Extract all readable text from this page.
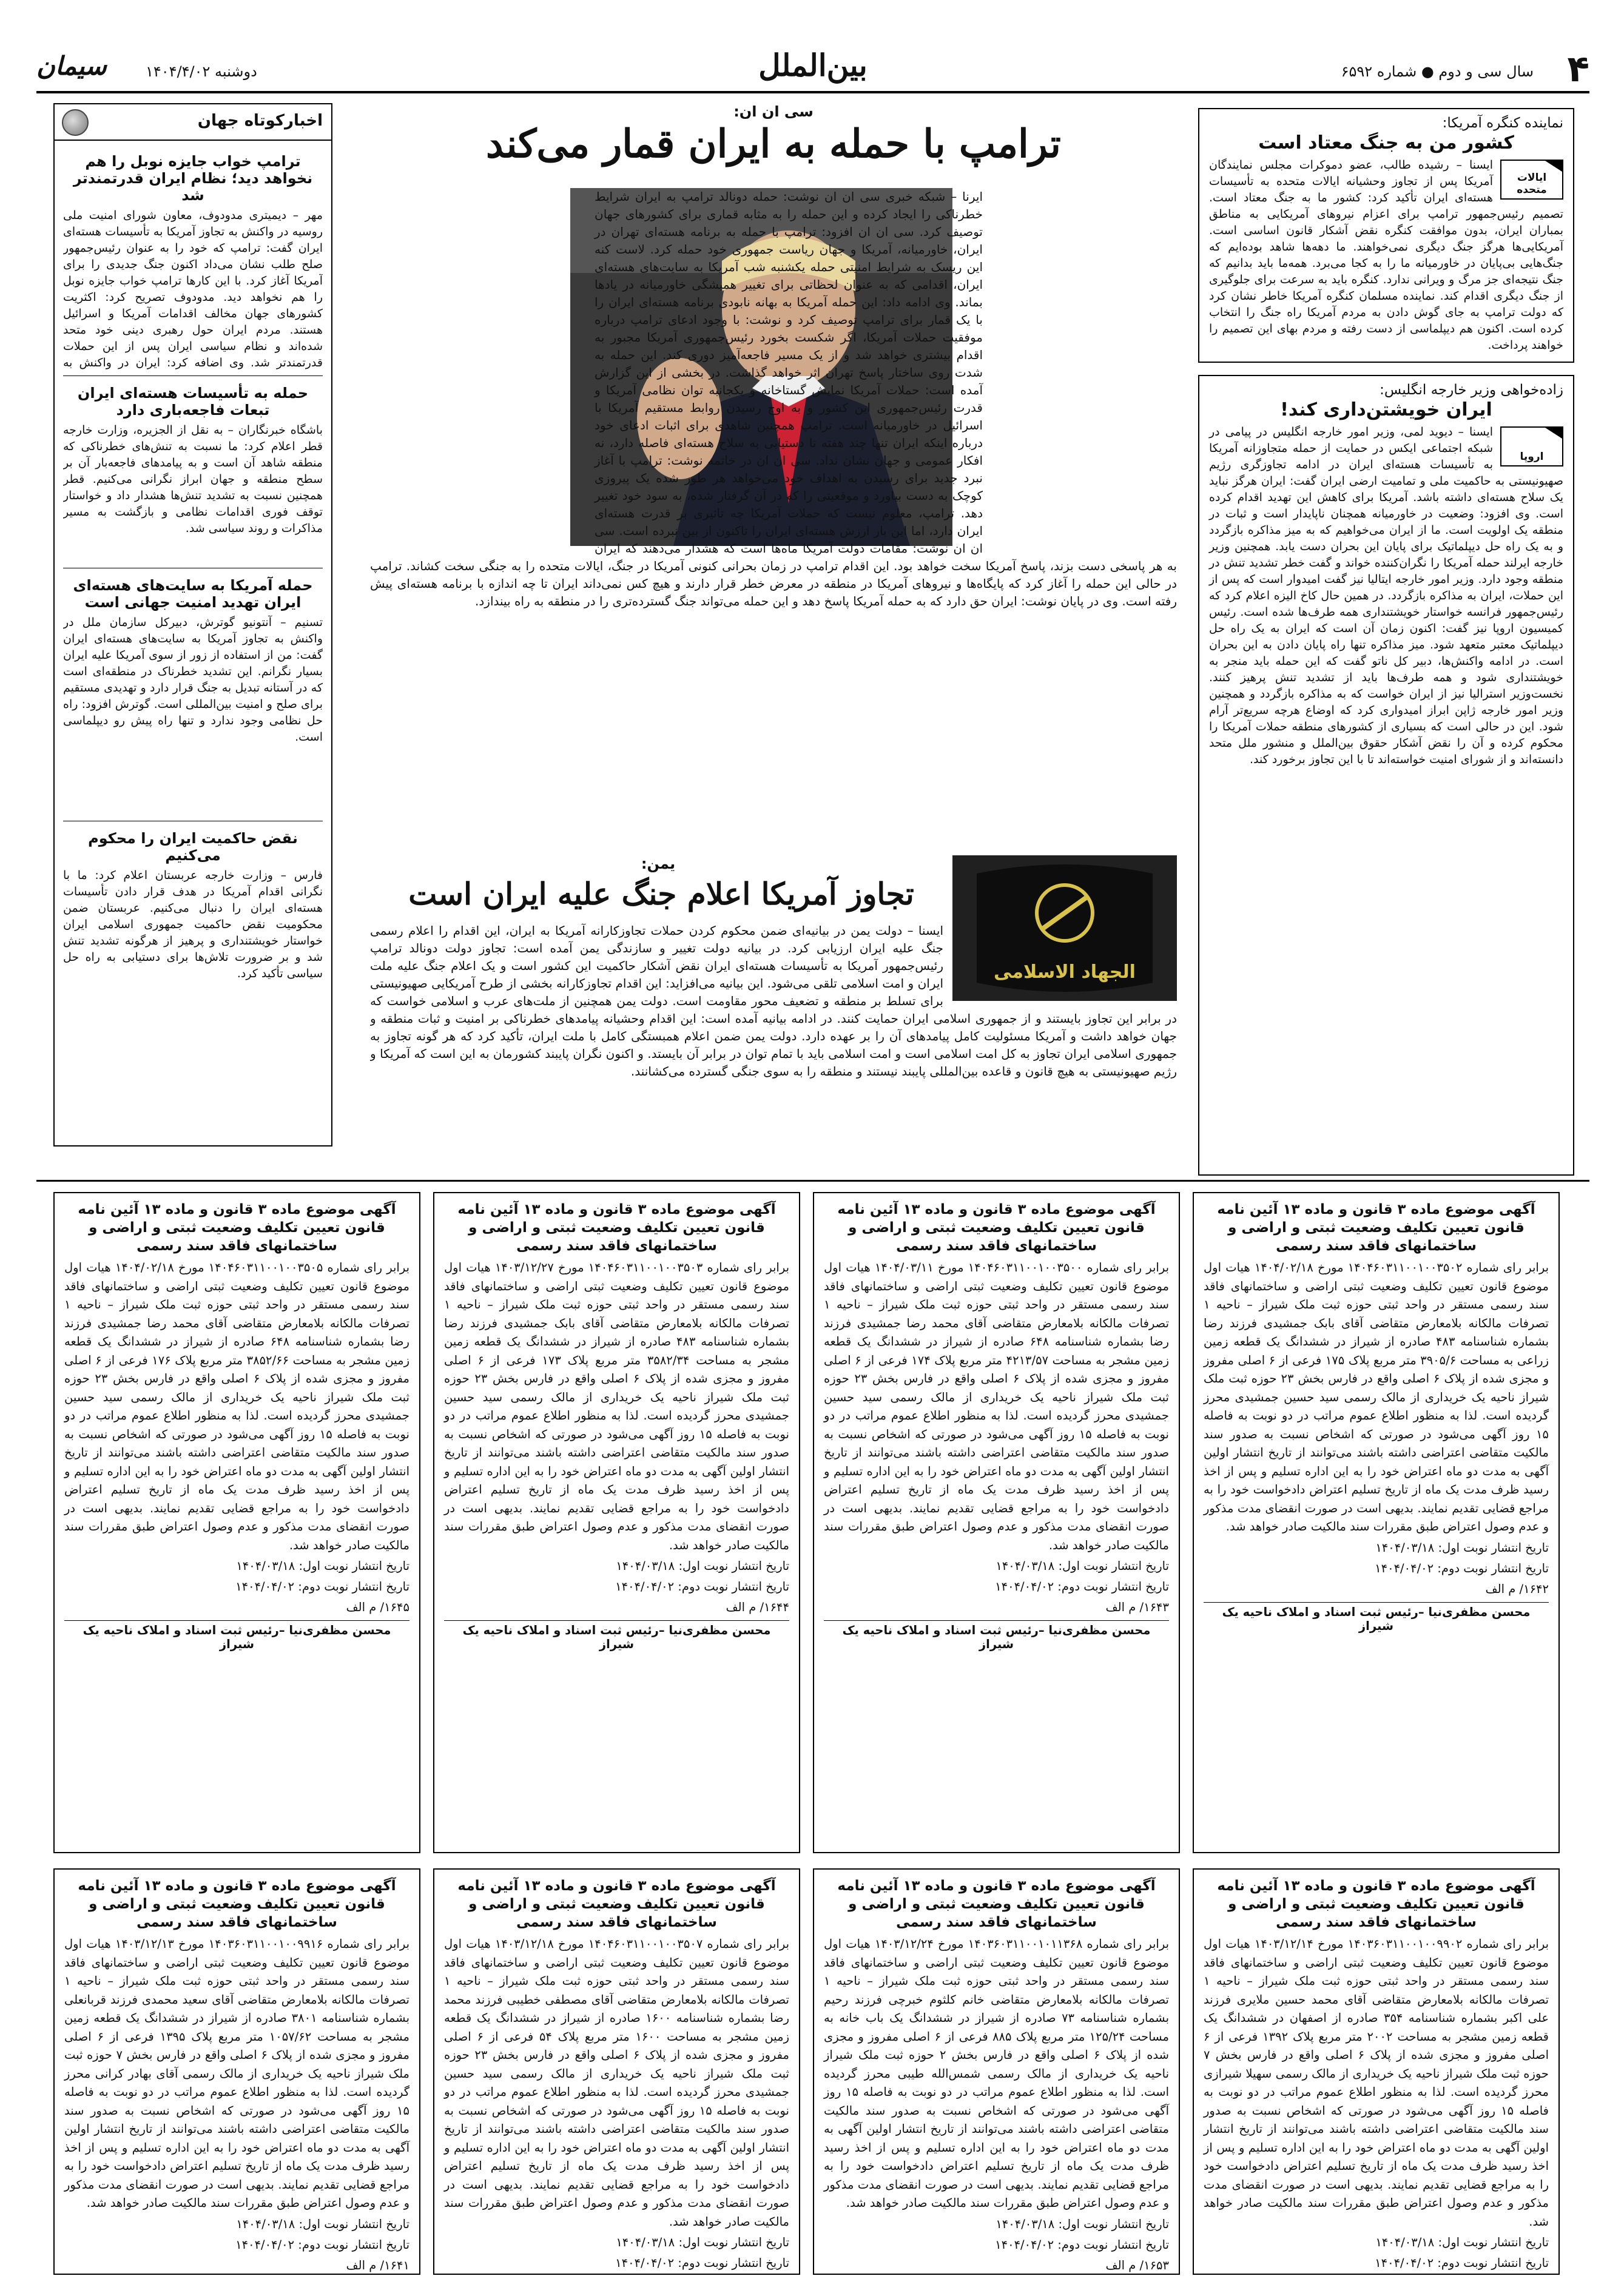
۴
سال سی و دوم ● شماره ۶۵۹۲
بین‌الملل
دوشنبه ۱۴۰۴/۴/۰۲
سیمان
اخبارکوتاه جهان
ترامپ خواب جایزه نوبل را هم نخواهد دید؛ نظام ایران قدرتمندتر شد

مهر – دیمیتری مدودوف، معاون شورای امنیت ملی روسیه در واکنش به تجاوز آمریکا به تأسیسات هسته‌ای ایران گفت: ترامپ که خود را به عنوان رئیس‌جمهور صلح طلب نشان می‌داد اکنون جنگ جدیدی را برای آمریکا آغاز کرد. با این کارها ترامپ خواب جایزه نوبل را هم نخواهد دید. مدودوف تصریح کرد: اکثریت کشورهای جهان مخالف اقدامات آمریکا و اسرائیل هستند. مردم ایران حول رهبری دینی خود متحد شده‌اند و نظام سیاسی ایران پس از این حملات قدرتمندتر شد. وی اضافه کرد: ایران در واکنش به

حمله به تأسیسات هسته‌ای ایران تبعات فاجعه‌باری دارد

باشگاه خبرنگاران – به نقل از الجزیره، وزارت خارجه قطر اعلام کرد: ما نسبت به تنش‌های خطرناکی که منطقه شاهد آن است و به پیامدهای فاجعه‌بار آن بر سطح منطقه و جهان ابراز نگرانی می‌کنیم. قطر همچنین نسبت به تشدید تنش‌ها هشدار داد و خواستار توقف فوری اقدامات نظامی و بازگشت به مسیر مذاکرات و روند سیاسی شد.

حمله آمریکا به سایت‌های هسته‌ای ایران تهدید امنیت جهانی است

تسنیم – آنتونیو گوترش، دبیرکل سازمان ملل در واکنش به تجاوز آمریکا به سایت‌های هسته‌ای ایران گفت: من از استفاده از زور از سوی آمریکا علیه ایران بسیار نگرانم. این تشدید خطرناک در منطقه‌ای است که در آستانه تبدیل به جنگ قرار دارد و تهدیدی مستقیم برای صلح و امنیت بین‌المللی است. گوترش افزود: راه حل نظامی وجود ندارد و تنها راه پیش رو دیپلماسی است.

نقض حاکمیت ایران را محکوم می‌کنیم

فارس – وزارت خارجه عربستان اعلام کرد: ما با نگرانی اقدام آمریکا در هدف قرار دادن تأسیسات هسته‌ای ایران را دنبال می‌کنیم. عربستان ضمن محکومیت نقض حاکمیت جمهوری اسلامی ایران خواستار خویشتنداری و پرهیز از هرگونه تشدید تنش شد و بر ضرورت تلاش‌ها برای دستیابی به راه حل سیاسی تأکید کرد.

سی ان ان:
ترامپ با حمله به ایران قمار می‌کند

ایرنا – شبکه خبری سی ان ان نوشت: حمله دونالد ترامپ به ایران شرایط خطرناکی را ایجاد کرده و این حمله را به مثابه قماری برای کشورهای جهان توصیف کرد. سی ان ان افزود: ترامپ با حمله به برنامه هسته‌ای تهران در ایران، خاورمیانه، آمریکا و جهان ریاست جمهوری خود حمله کرد. لاست کنه این ریسک به شرایط امنیتی حمله یکشنبه شب آمریکا به سایت‌های هسته‌ای ایران، اقدامی که به عنوان لحظاتی برای تغییر همیشگی خاورمیانه در یادها بماند. وی ادامه داد: این حمله آمریکا به بهانه نابودی برنامه هسته‌ای ایران را با یک قمار برای ترامپ توصیف کرد و نوشت: با وجود ادعای ترامپ درباره موفقیت حملات آمریکا، اگر شکست بخورد رئیس‌جمهوری آمریکا مجبور به اقدام بیشتری خواهد شد و از یک مسیر فاجعه‌آمیز دوری کند. این حمله به شدت روی ساختار پاسخ تهران اثر خواهد گذاشت. در بخشی از این گزارش آمده است: حملات آمریکا نمایش گستاخانه و یکجانبه توان نظامی آمریکا و قدرت رئیس‌جمهوری این کشور و به اوج رسیدن روابط مستقیم آمریکا با اسرائیل در خاورمیانه است. ترامپ همچنین شاهدی برای اثبات ادعای خود درباره اینکه ایران تنها چند هفته تا دستیابی به سلاح هسته‌ای فاصله دارد، نه افکار عمومی و جهان نشان نداد. سی ان ان در خاتمه نوشت: ترامپ با آغاز نبرد جدید برای رسیدن به اهداف خود می‌خواهد هر طور شده یک پیروزی کوچک به دست بیاورد و موقعیتی را که در آن گرفتار شده، به سود خود تغییر دهد. ترامپ، معلوم نیست که حملات آمریکا چه تاثیری بر قدرت هسته‌ای ایران دارد، اما این بار ارزش هسته‌ای ایران را تاکنون از بین نبرده است. سی ان ان نوشت: مقامات دولت آمریکا ماه‌ها است که هشدار می‌دهند که ایران به هر پاسخی دست بزند، پاسخ آمریکا سخت خواهد بود. این اقدام ترامپ در زمان بحرانی کنونی آمریکا در جنگ، ایالات متحده را به جنگی سخت کشاند. ترامپ در حالی این حمله را آغاز کرد که پایگاه‌ها و نیروهای آمریکا در منطقه در معرض خطر قرار دارند و هیچ کس نمی‌داند ایران تا چه اندازه با برنامه هسته‌ای پیش رفته است. وی در پایان نوشت: ایران حق دارد که به حمله آمریکا پاسخ دهد و این حمله می‌تواند جنگ گسترده‌تری را در منطقه به راه بیندازد.

نماینده کنگره آمریکا:
کشور من به جنگ معتاد است
ایالات متحده

ایسنا – رشیده طالب، عضو دموکرات مجلس نمایندگان آمریکا پس از تجاوز وحشیانه ایالات متحده به تأسیسات هسته‌ای ایران تأکید کرد: کشور ما به جنگ معتاد است. تصمیم رئیس‌جمهور ترامپ برای اعزام نیروهای آمریکایی به مناطق بمباران ایران، بدون موافقت کنگره نقض آشکار قانون اساسی است. آمریکایی‌ها هرگز جنگ دیگری نمی‌خواهند. ما دهه‌ها شاهد بوده‌ایم که جنگ‌هایی بی‌پایان در خاورمیانه ما را به کجا می‌برد. همه‌ما باید بدانیم که جنگ نتیجه‌ای جز مرگ و ویرانی ندارد. کنگره باید به سرعت برای جلوگیری از جنگ دیگری اقدام کند. نماینده مسلمان کنگره آمریکا خاطر نشان کرد که دولت ترامپ به جای گوش دادن به مردم آمریکا راه جنگ را انتخاب کرده است. اکنون هم دیپلماسی از دست رفته و مردم بهای این تصمیم را خواهند پرداخت.

زاده‌خواهی وزیر خارجه انگلیس:
ایران خویشتن‌داری کند!
اروپا

ایسنا – دیوید لمی، وزیر امور خارجه انگلیس در پیامی در شبکه اجتماعی ایکس در حمایت از حمله متجاوزانه آمریکا به تأسیسات هسته‌ای ایران در ادامه تجاوزگری رژیم صهیونیستی به حاکمیت ملی و تمامیت ارضی ایران گفت: ایران هرگز نباید یک سلاح هسته‌ای داشته باشد. آمریکا برای کاهش این تهدید اقدام کرده است. وی افزود: وضعیت در خاورمیانه همچنان ناپایدار است و ثبات در منطقه یک اولویت است. ما از ایران می‌خواهیم که به میز مذاکره بازگردد و به یک راه حل دیپلماتیک برای پایان این بحران دست یابد. همچنین وزیر خارجه ایرلند حمله آمریکا را نگران‌کننده خواند و گفت خطر تشدید تنش در منطقه وجود دارد. وزیر امور خارجه ایتالیا نیز گفت امیدوار است که پس از این حملات، ایران به مذاکره بازگردد. در همین حال کاخ الیزه اعلام کرد که رئیس‌جمهور فرانسه خواستار خویشتنداری همه طرف‌ها شده است. رئیس کمیسیون اروپا نیز گفت: اکنون زمان آن است که ایران به یک راه حل دیپلماتیک معتبر متعهد شود. میز مذاکره تنها راه پایان دادن به این بحران است. در ادامه واکنش‌ها، دبیر کل ناتو گفت که این حمله باید منجر به خویشتنداری شود و همه طرف‌ها باید از تشدید تنش پرهیز کنند. نخست‌وزیر استرالیا نیز از ایران خواست که به مذاکره بازگردد و همچنین وزیر امور خارجه ژاپن ابراز امیدواری کرد که اوضاع هرچه سریع‌تر آرام شود. این در حالی است که بسیاری از کشورهای منطقه حملات آمریکا را محکوم کرده و آن را نقض آشکار حقوق بین‌الملل و منشور ملل متحد دانسته‌اند و از شورای امنیت خواسته‌اند تا با این تجاوز برخورد کند.

یمن:
تجاوز آمریکا اعلام جنگ علیه ایران است
الجهاد الاسلامی

ایسنا – دولت یمن در بیانیه‌ای ضمن محکوم کردن حملات تجاوزکارانه آمریکا به ایران، این اقدام را اعلام رسمی جنگ علیه ایران ارزیابی کرد. در بیانیه دولت تغییر و سازندگی یمن آمده است: تجاوز دولت دونالد ترامپ رئیس‌جمهور آمریکا به تأسیسات هسته‌ای ایران نقض آشکار حاکمیت این کشور است و یک اعلام جنگ علیه ملت ایران و امت اسلامی تلقی می‌شود. این بیانیه می‌افزاید: این اقدام تجاوزکارانه بخشی از طرح آمریکایی صهیونیستی برای تسلط بر منطقه و تضعیف محور مقاومت است. دولت یمن همچنین از ملت‌های عرب و اسلامی خواست که در برابر این تجاوز بایستند و از جمهوری اسلامی ایران حمایت کنند. در ادامه بیانیه آمده است: این اقدام وحشیانه پیامدهای خطرناکی بر امنیت و ثبات منطقه و جهان خواهد داشت و آمریکا مسئولیت کامل پیامدهای آن را بر عهده دارد. دولت یمن ضمن اعلام همبستگی کامل با ملت ایران، تأکید کرد که هر گونه تجاوز به جمهوری اسلامی ایران تجاوز به کل امت اسلامی است و امت اسلامی باید با تمام توان در برابر آن بایستد. و اکنون نگران پایبند کشورمان به این است که آمریکا و رژیم صهیونیستی به هیچ قانون و قاعده بین‌المللی پایبند نیستند و منطقه را به سوی جنگی گسترده می‌کشانند.

آگهی موضوع ماده ۳ قانون و ماده ۱۳ آئین نامه قانون تعیین تکلیف وضعیت ثبتی و اراضی و ساختمانهای فاقد سند رسمی

برابر رای شماره ۱۴۰۴۶۰۳۱۱۰۰۱۰۰۳۵۰۲ مورخ ۱۴۰۴/۰۲/۱۸ هیات اول موضوع قانون تعیین تکلیف وضعیت ثبتی اراضی و ساختمانهای فاقد سند رسمی مستقر در واحد ثبتی حوزه ثبت ملک شیراز – ناحیه ۱ تصرفات مالکانه بلامعارض متقاضی آقای بابک جمشیدی فرزند رضا بشماره شناسنامه ۴۸۳ صادره از شیراز در ششدانگ یک قطعه زمین زراعی به مساحت ۳۹۰۵/۶ متر مربع پلاک ۱۷۵ فرعی از ۶ اصلی مفروز و مجزی شده از پلاک ۶ اصلی واقع در فارس بخش ۲۳ حوزه ثبت ملک شیراز ناحیه یک خریداری از مالک رسمی سید حسین جمشیدی محرز گردیده است. لذا به منظور اطلاع عموم مراتب در دو نوبت به فاصله ۱۵ روز آگهی می‌شود در صورتی که اشخاص نسبت به صدور سند مالکیت متقاضی اعتراضی داشته باشند می‌توانند از تاریخ انتشار اولین آگهی به مدت دو ماه اعتراض خود را به این اداره تسلیم و پس از اخذ رسید ظرف مدت یک ماه از تاریخ تسلیم اعتراض دادخواست خود را به مراجع قضایی تقدیم نمایند. بدیهی است در صورت انقضای مدت مذکور و عدم وصول اعتراض طبق مقررات سند مالکیت صادر خواهد شد.

تاریخ انتشار نوبت اول: ۱۴۰۴/۰۳/۱۸
تاریخ انتشار نوبت دوم: ۱۴۰۴/۰۴/۰۲
۱۶۴۲/ م الف
محسن مظفری‌نیا –رئیس ثبت اسناد و املاک ناحیه یک شیراز
آگهی موضوع ماده ۳ قانون و ماده ۱۳ آئین نامه قانون تعیین تکلیف وضعیت ثبتی و اراضی و ساختمانهای فاقد سند رسمی

برابر رای شماره ۱۴۰۴۶۰۳۱۱۰۰۱۰۰۳۵۰۰ مورخ ۱۴۰۴/۰۳/۱۱ هیات اول موضوع قانون تعیین تکلیف وضعیت ثبتی اراضی و ساختمانهای فاقد سند رسمی مستقر در واحد ثبتی حوزه ثبت ملک شیراز – ناحیه ۱ تصرفات مالکانه بلامعارض متقاضی آقای محمد رضا جمشیدی فرزند رضا بشماره شناسنامه ۶۴۸ صادره از شیراز در ششدانگ یک قطعه زمین مشجر به مساحت ۴۲۱۳/۵۷ متر مربع پلاک ۱۷۴ فرعی از ۶ اصلی مفروز و مجزی شده از پلاک ۶ اصلی واقع در فارس بخش ۲۳ حوزه ثبت ملک شیراز ناحیه یک خریداری از مالک رسمی سید حسین جمشیدی محرز گردیده است. لذا به منظور اطلاع عموم مراتب در دو نوبت به فاصله ۱۵ روز آگهی می‌شود در صورتی که اشخاص نسبت به صدور سند مالکیت متقاضی اعتراضی داشته باشند می‌توانند از تاریخ انتشار اولین آگهی به مدت دو ماه اعتراض خود را به این اداره تسلیم و پس از اخذ رسید ظرف مدت یک ماه از تاریخ تسلیم اعتراض دادخواست خود را به مراجع قضایی تقدیم نمایند. بدیهی است در صورت انقضای مدت مذکور و عدم وصول اعتراض طبق مقررات سند مالکیت صادر خواهد شد.

تاریخ انتشار نوبت اول: ۱۴۰۴/۰۳/۱۸
تاریخ انتشار نوبت دوم: ۱۴۰۴/۰۴/۰۲
۱۶۴۳/ م الف
محسن مظفری‌نیا –رئیس ثبت اسناد و املاک ناحیه یک شیراز
آگهی موضوع ماده ۳ قانون و ماده ۱۳ آئین نامه قانون تعیین تکلیف وضعیت ثبتی و اراضی و ساختمانهای فاقد سند رسمی

برابر رای شماره ۱۴۰۴۶۰۳۱۱۰۰۱۰۰۳۵۰۳ مورخ ۱۴۰۳/۱۲/۲۷ هیات اول موضوع قانون تعیین تکلیف وضعیت ثبتی اراضی و ساختمانهای فاقد سند رسمی مستقر در واحد ثبتی حوزه ثبت ملک شیراز – ناحیه ۱ تصرفات مالکانه بلامعارض متقاضی آقای بابک جمشیدی فرزند رضا بشماره شناسنامه ۴۸۳ صادره از شیراز در ششدانگ یک قطعه زمین مشجر به مساحت ۳۵۸۲/۳۴ متر مربع پلاک ۱۷۳ فرعی از ۶ اصلی مفروز و مجزی شده از پلاک ۶ اصلی واقع در فارس بخش ۲۳ حوزه ثبت ملک شیراز ناحیه یک خریداری از مالک رسمی سید حسین جمشیدی محرز گردیده است. لذا به منظور اطلاع عموم مراتب در دو نوبت به فاصله ۱۵ روز آگهی می‌شود در صورتی که اشخاص نسبت به صدور سند مالکیت متقاضی اعتراضی داشته باشند می‌توانند از تاریخ انتشار اولین آگهی به مدت دو ماه اعتراض خود را به این اداره تسلیم و پس از اخذ رسید ظرف مدت یک ماه از تاریخ تسلیم اعتراض دادخواست خود را به مراجع قضایی تقدیم نمایند. بدیهی است در صورت انقضای مدت مذکور و عدم وصول اعتراض طبق مقررات سند مالکیت صادر خواهد شد.

تاریخ انتشار نوبت اول: ۱۴۰۴/۰۳/۱۸
تاریخ انتشار نوبت دوم: ۱۴۰۴/۰۴/۰۲
۱۶۴۴/ م الف
محسن مظفری‌نیا –رئیس ثبت اسناد و املاک ناحیه یک شیراز
آگهی موضوع ماده ۳ قانون و ماده ۱۳ آئین نامه قانون تعیین تکلیف وضعیت ثبتی و اراضی و ساختمانهای فاقد سند رسمی

برابر رای شماره ۱۴۰۴۶۰۳۱۱۰۰۱۰۰۳۵۰۵ مورخ ۱۴۰۴/۰۲/۱۸ هیات اول موضوع قانون تعیین تکلیف وضعیت ثبتی اراضی و ساختمانهای فاقد سند رسمی مستقر در واحد ثبتی حوزه ثبت ملک شیراز – ناحیه ۱ تصرفات مالکانه بلامعارض متقاضی آقای محمد رضا جمشیدی فرزند رضا بشماره شناسنامه ۶۴۸ صادره از شیراز در ششدانگ یک قطعه زمین مشجر به مساحت ۳۸۵۲/۶۶ متر مربع پلاک ۱۷۶ فرعی از ۶ اصلی مفروز و مجزی شده از پلاک ۶ اصلی واقع در فارس بخش ۲۳ حوزه ثبت ملک شیراز ناحیه یک خریداری از مالک رسمی سید حسین جمشیدی محرز گردیده است. لذا به منظور اطلاع عموم مراتب در دو نوبت به فاصله ۱۵ روز آگهی می‌شود در صورتی که اشخاص نسبت به صدور سند مالکیت متقاضی اعتراضی داشته باشند می‌توانند از تاریخ انتشار اولین آگهی به مدت دو ماه اعتراض خود را به این اداره تسلیم و پس از اخذ رسید ظرف مدت یک ماه از تاریخ تسلیم اعتراض دادخواست خود را به مراجع قضایی تقدیم نمایند. بدیهی است در صورت انقضای مدت مذکور و عدم وصول اعتراض طبق مقررات سند مالکیت صادر خواهد شد.

تاریخ انتشار نوبت اول: ۱۴۰۴/۰۳/۱۸
تاریخ انتشار نوبت دوم: ۱۴۰۴/۰۴/۰۲
۱۶۴۵/ م الف
محسن مظفری‌نیا –رئیس ثبت اسناد و املاک ناحیه یک شیراز
آگهی موضوع ماده ۳ قانون و ماده ۱۳ آئین نامه قانون تعیین تکلیف وضعیت ثبتی و اراضی و ساختمانهای فاقد سند رسمی

برابر رای شماره ۱۴۰۳۶۰۳۱۱۰۰۱۰۰۹۹۰۲ مورخ ۱۴۰۳/۱۲/۱۴ هیات اول موضوع قانون تعیین تکلیف وضعیت ثبتی اراضی و ساختمانهای فاقد سند رسمی مستقر در واحد ثبتی حوزه ثبت ملک شیراز – ناحیه ۱ تصرفات مالکانه بلامعارض متقاضی آقای محمد حسین ملایری فرزند علی اکبر بشماره شناسنامه ۳۵۴ صادره از اصفهان در ششدانگ یک قطعه زمین مشجر به مساحت ۲۰۰۲ متر مربع پلاک ۱۳۹۲ فرعی از ۶ اصلی مفروز و مجزی شده از پلاک ۶ اصلی واقع در فارس بخش ۷ حوزه ثبت ملک شیراز ناحیه یک خریداری از مالک رسمی سهیلا شیرازی محرز گردیده است. لذا به منظور اطلاع عموم مراتب در دو نوبت به فاصله ۱۵ روز آگهی می‌شود در صورتی که اشخاص نسبت به صدور سند مالکیت متقاضی اعتراضی داشته باشند می‌توانند از تاریخ انتشار اولین آگهی به مدت دو ماه اعتراض خود را به این اداره تسلیم و پس از اخذ رسید ظرف مدت یک ماه از تاریخ تسلیم اعتراض دادخواست خود را به مراجع قضایی تقدیم نمایند. بدیهی است در صورت انقضای مدت مذکور و عدم وصول اعتراض طبق مقررات سند مالکیت صادر خواهد شد.

تاریخ انتشار نوبت اول: ۱۴۰۴/۰۳/۱۸
تاریخ انتشار نوبت دوم: ۱۴۰۴/۰۴/۰۲
آگهی موضوع ماده ۳ قانون و ماده ۱۳ آئین نامه قانون تعیین تکلیف وضعیت ثبتی و اراضی و ساختمانهای فاقد سند رسمی

برابر رای شماره ۱۴۰۳۶۰۳۱۱۰۰۱۰۱۱۳۶۸ مورخ ۱۴۰۳/۱۲/۲۴ هیات اول موضوع قانون تعیین تکلیف وضعیت ثبتی اراضی و ساختمانهای فاقد سند رسمی مستقر در واحد ثبتی حوزه ثبت ملک شیراز – ناحیه ۱ تصرفات مالکانه بلامعارض متقاضی خانم کلثوم خبرچی فرزند رحیم بشماره شناسنامه ۷۳ صادره از شیراز در ششدانگ یک باب خانه به مساحت ۱۲۵/۲۴ متر مربع پلاک ۸۸۵ فرعی از ۶ اصلی مفروز و مجزی شده از پلاک ۶ اصلی واقع در فارس بخش ۲ حوزه ثبت ملک شیراز ناحیه یک خریداری از مالک رسمی شمس‌الله طیبی محرز گردیده است. لذا به منظور اطلاع عموم مراتب در دو نوبت به فاصله ۱۵ روز آگهی می‌شود در صورتی که اشخاص نسبت به صدور سند مالکیت متقاضی اعتراضی داشته باشند می‌توانند از تاریخ انتشار اولین آگهی به مدت دو ماه اعتراض خود را به این اداره تسلیم و پس از اخذ رسید ظرف مدت یک ماه از تاریخ تسلیم اعتراض دادخواست خود را به مراجع قضایی تقدیم نمایند. بدیهی است در صورت انقضای مدت مذکور و عدم وصول اعتراض طبق مقررات سند مالکیت صادر خواهد شد.

تاریخ انتشار نوبت اول: ۱۴۰۴/۰۳/۱۸
تاریخ انتشار نوبت دوم: ۱۴۰۴/۰۴/۰۲
۱۶۵۳/ م الف
آگهی موضوع ماده ۳ قانون و ماده ۱۳ آئین نامه قانون تعیین تکلیف وضعیت ثبتی و اراضی و ساختمانهای فاقد سند رسمی

برابر رای شماره ۱۴۰۴۶۰۳۱۱۰۰۱۰۰۳۵۰۷ مورخ ۱۴۰۳/۱۲/۱۸ هیات اول موضوع قانون تعیین تکلیف وضعیت ثبتی اراضی و ساختمانهای فاقد سند رسمی مستقر در واحد ثبتی حوزه ثبت ملک شیراز – ناحیه ۱ تصرفات مالکانه بلامعارض متقاضی آقای مصطفی خطیبی فرزند محمد رضا بشماره شناسنامه ۱۶۰۰ صادره از شیراز در ششدانگ یک قطعه زمین مشجر به مساحت ۱۶۰۰ متر مربع پلاک ۵۴ فرعی از ۶ اصلی مفروز و مجزی شده از پلاک ۶ اصلی واقع در فارس بخش ۲۳ حوزه ثبت ملک شیراز ناحیه یک خریداری از مالک رسمی سید حسین جمشیدی محرز گردیده است. لذا به منظور اطلاع عموم مراتب در دو نوبت به فاصله ۱۵ روز آگهی می‌شود در صورتی که اشخاص نسبت به صدور سند مالکیت متقاضی اعتراضی داشته باشند می‌توانند از تاریخ انتشار اولین آگهی به مدت دو ماه اعتراض خود را به این اداره تسلیم و پس از اخذ رسید ظرف مدت یک ماه از تاریخ تسلیم اعتراض دادخواست خود را به مراجع قضایی تقدیم نمایند. بدیهی است در صورت انقضای مدت مذکور و عدم وصول اعتراض طبق مقررات سند مالکیت صادر خواهد شد.

تاریخ انتشار نوبت اول: ۱۴۰۴/۰۳/۱۸
تاریخ انتشار نوبت دوم: ۱۴۰۴/۰۴/۰۲
آگهی موضوع ماده ۳ قانون و ماده ۱۳ آئین نامه قانون تعیین تکلیف وضعیت ثبتی و اراضی و ساختمانهای فاقد سند رسمی

برابر رای شماره ۱۴۰۳۶۰۳۱۱۰۰۱۰۰۹۹۱۶ مورخ ۱۴۰۳/۱۲/۱۳ هیات اول موضوع قانون تعیین تکلیف وضعیت ثبتی اراضی و ساختمانهای فاقد سند رسمی مستقر در واحد ثبتی حوزه ثبت ملک شیراز – ناحیه ۱ تصرفات مالکانه بلامعارض متقاضی آقای سعید محمدی فرزند قربانعلی بشماره شناسنامه ۳۸۰۱ صادره از شیراز در ششدانگ یک قطعه زمین مشجر به مساحت ۱۰۵۷/۶۲ متر مربع پلاک ۱۳۹۵ فرعی از ۶ اصلی مفروز و مجزی شده از پلاک ۶ اصلی واقع در فارس بخش ۷ حوزه ثبت ملک شیراز ناحیه یک خریداری از مالک رسمی آقای بهادر کرانی محرز گردیده است. لذا به منظور اطلاع عموم مراتب در دو نوبت به فاصله ۱۵ روز آگهی می‌شود در صورتی که اشخاص نسبت به صدور سند مالکیت متقاضی اعتراضی داشته باشند می‌توانند از تاریخ انتشار اولین آگهی به مدت دو ماه اعتراض خود را به این اداره تسلیم و پس از اخذ رسید ظرف مدت یک ماه از تاریخ تسلیم اعتراض دادخواست خود را به مراجع قضایی تقدیم نمایند. بدیهی است در صورت انقضای مدت مذکور و عدم وصول اعتراض طبق مقررات سند مالکیت صادر خواهد شد.

تاریخ انتشار نوبت اول: ۱۴۰۴/۰۳/۱۸
تاریخ انتشار نوبت دوم: ۱۴۰۴/۰۴/۰۲
۱۶۴۱/ م الف
